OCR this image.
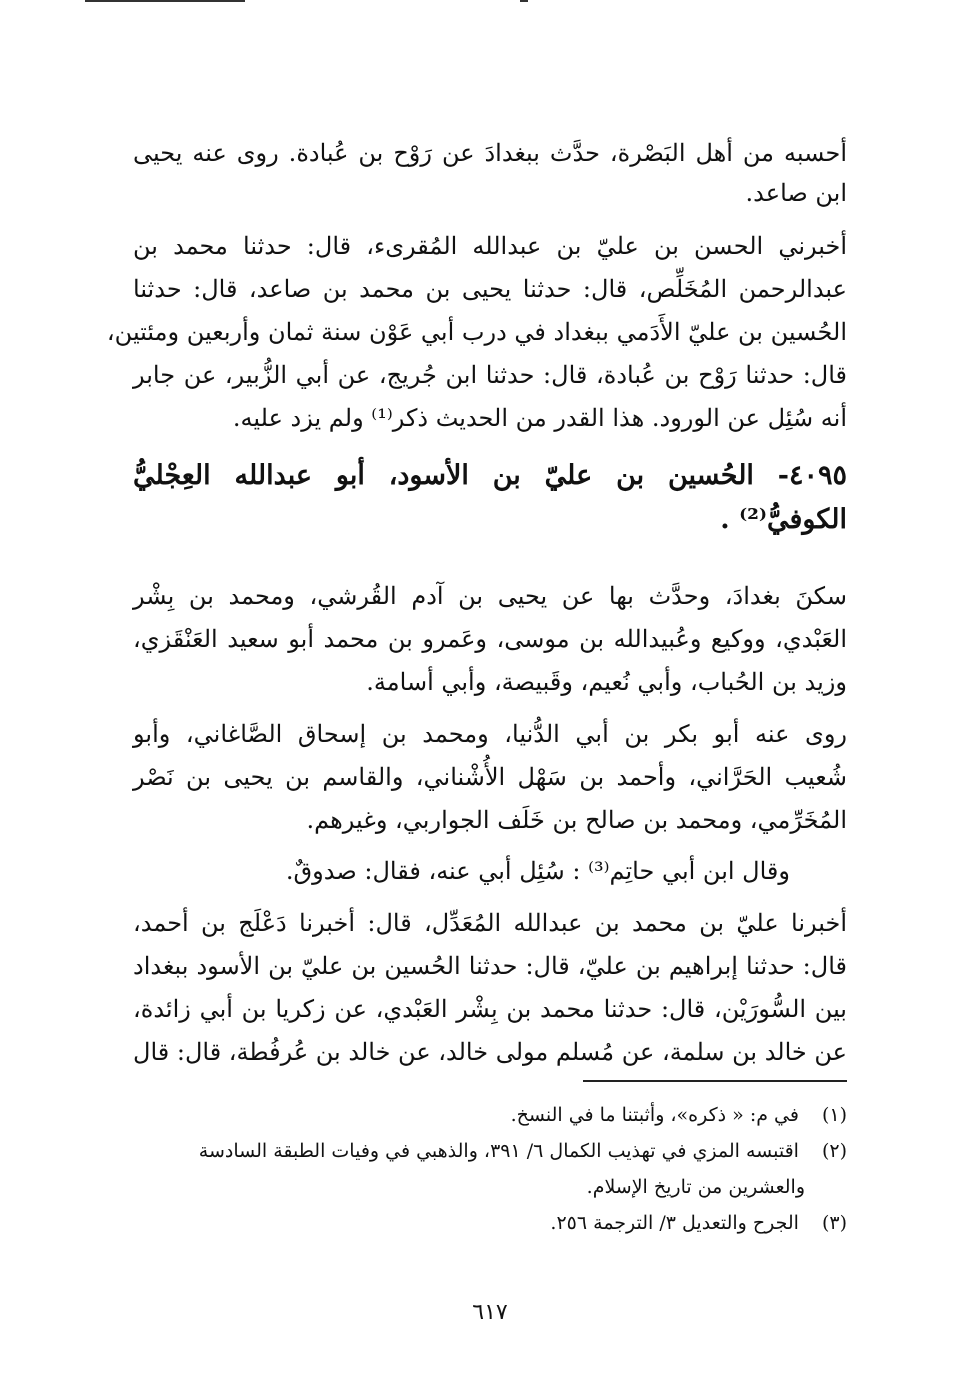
أحسبه من أهل البَصْرة، حدَّث ببغدادَ عن رَوْح بن عُبادة. روى عنه يحيى
ابن صاعد.
أخبرني الحسن بن عليّ بن عبدالله المُقرىء، قال: حدثنا محمد بن
عبدالرحمن المُخَلِّص، قال: حدثنا يحيى بن محمد بن صاعد، قال: حدثنا
الحُسين بن عليّ الأَدَمي ببغداد في درب أبي عَوْن سنة ثمان وأربعين ومئتين،
قال: حدثنا رَوْح بن عُبادة، قال: حدثنا ابن جُريج، عن أبي الزُّبير، عن جابر
أنه سُئِل عن الورود. هذا القدر من الحديث ذكر⁽¹⁾ ولم يزد عليه.
٤٠٩٥- الحُسين بن عليّ بن الأسود، أبو عبدالله العِجْليُّ
الكوفيُّ⁽²⁾ .
سكنَ بغدادَ، وحدَّث بها عن يحيى بن آدم القُرشي، ومحمد بن بِشْر
العَبْدي، ووكيع وعُبيدالله بن موسى، وعَمرو بن محمد أبو سعيد العَنْقَزي،
وزيد بن الحُباب، وأبي نُعيم، وقَبيصة، وأبي أسامة.
روى عنه أبو بكر بن أبي الدُّنيا، ومحمد بن إسحاق الصَّاغاني، وأبو
شُعيب الحَرَّاني، وأحمد بن سَهْل الأُشْناني، والقاسم بن يحيى بن نَصْر
المُخَرِّمي، ومحمد بن صالح بن خَلَف الجواربي، وغيرهم.
وقال ابن أبي حاتِم⁽³⁾ : سُئِل أبي عنه، فقال: صدوقٌ.
أخبرنا عليّ بن محمد بن عبدالله المُعَدِّل، قال: أخبرنا دَعْلَج بن أحمد،
قال: حدثنا إبراهيم بن عليّ، قال: حدثنا الحُسين بن عليّ بن الأسود ببغداد
بين السُّورَيْن، قال: حدثنا محمد بن بِشْر العَبْدي، عن زكريا بن أبي زائدة،
عن خالد بن سلمة، عن مُسلم مولى خالد، عن خالد بن عُرفُطة، قال: قال
(١) في م: « ذكره»، وأثبتنا ما في النسخ.
(٢) اقتبسه المزي في تهذيب الكمال ٦/ ٣٩١، والذهبي في وفيات الطبقة السادسة
والعشرين من تاريخ الإسلام.
(٣) الجرح والتعديل ٣/ الترجمة ٢٥٦.
٦١٧
